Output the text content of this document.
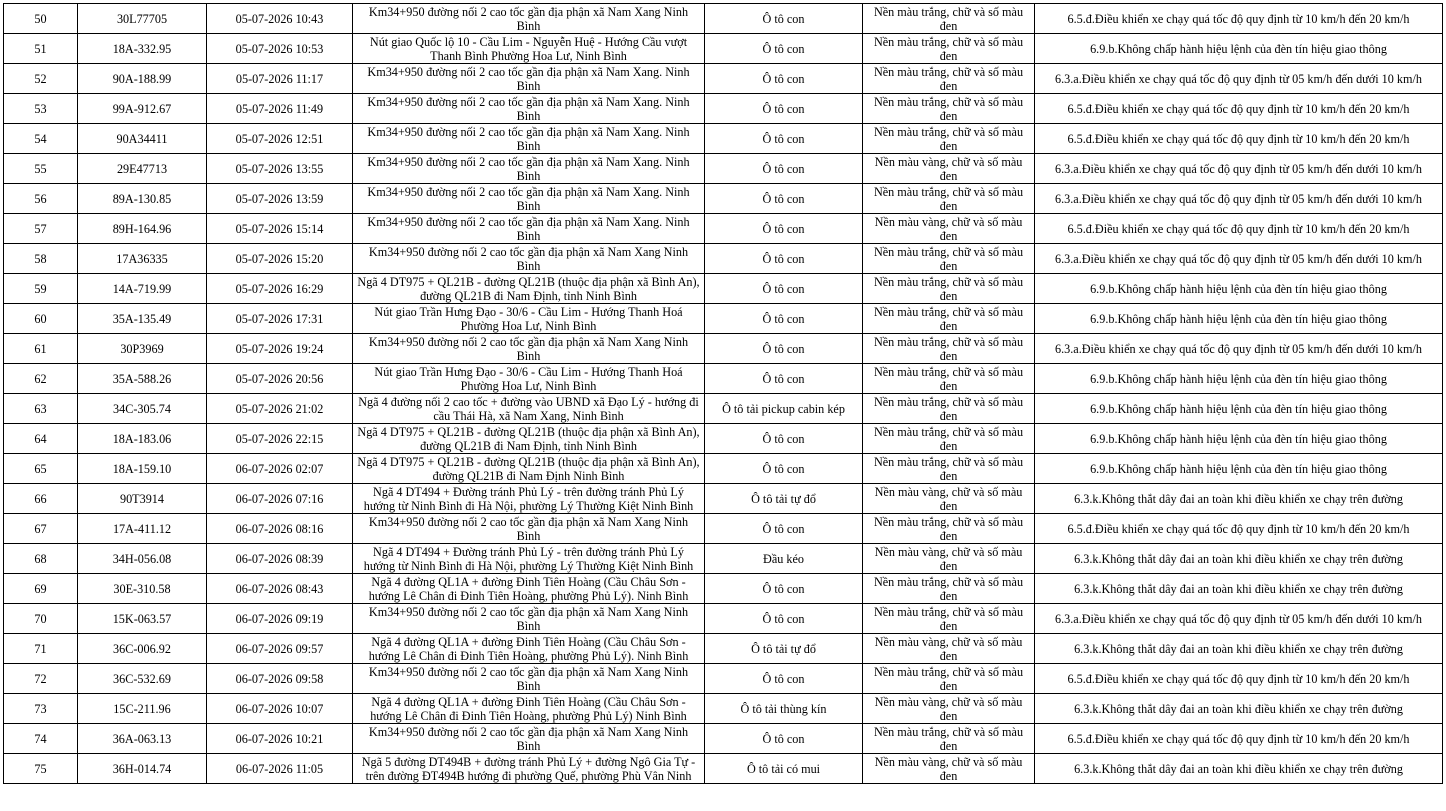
50	30L77705	05-07-2026 10:43	Km34+950 đường nối 2 cao tốc gần địa phận xã Nam Xang Ninh Bình	Ô tô con	Nền màu trắng, chữ và số màu đen	6.5.đ.Điều khiển xe chạy quá tốc độ quy định từ 10 km/h đến 20 km/h
51	18A-332.95	05-07-2026 10:53	Nút giao Quốc lộ 10 - Cầu Lim - Nguyễn Huệ - Hướng Cầu vượt Thanh Bình Phường Hoa Lư, Ninh Bình	Ô tô con	Nền màu trắng, chữ và số màu đen	6.9.b.Không chấp hành hiệu lệnh của đèn tín hiệu giao thông
52	90A-188.99	05-07-2026 11:17	Km34+950 đường nối 2 cao tốc gần địa phận xã Nam Xang. Ninh Bình	Ô tô con	Nền màu trắng, chữ và số màu đen	6.3.a.Điều khiển xe chạy quá tốc độ quy định từ 05 km/h đến dưới 10 km/h
53	99A-912.67	05-07-2026 11:49	Km34+950 đường nối 2 cao tốc gần địa phận xã Nam Xang. Ninh Bình	Ô tô con	Nền màu trắng, chữ và số màu đen	6.5.đ.Điều khiển xe chạy quá tốc độ quy định từ 10 km/h đến 20 km/h
54	90A34411	05-07-2026 12:51	Km34+950 đường nối 2 cao tốc gần địa phận xã Nam Xang. Ninh Bình	Ô tô con	Nền màu trắng, chữ và số màu đen	6.5.đ.Điều khiển xe chạy quá tốc độ quy định từ 10 km/h đến 20 km/h
55	29E47713	05-07-2026 13:55	Km34+950 đường nối 2 cao tốc gần địa phận xã Nam Xang. Ninh Bình	Ô tô con	Nền màu vàng, chữ và số màu đen	6.3.a.Điều khiển xe chạy quá tốc độ quy định từ 05 km/h đến dưới 10 km/h
56	89A-130.85	05-07-2026 13:59	Km34+950 đường nối 2 cao tốc gần địa phận xã Nam Xang. Ninh Bình	Ô tô con	Nền màu trắng, chữ và số màu đen	6.3.a.Điều khiển xe chạy quá tốc độ quy định từ 05 km/h đến dưới 10 km/h
57	89H-164.96	05-07-2026 15:14	Km34+950 đường nối 2 cao tốc gần địa phận xã Nam Xang. Ninh Bình	Ô tô con	Nền màu vàng, chữ và số màu đen	6.5.đ.Điều khiển xe chạy quá tốc độ quy định từ 10 km/h đến 20 km/h
58	17A36335	05-07-2026 15:20	Km34+950 đường nối 2 cao tốc gần địa phận xã Nam Xang Ninh Bình	Ô tô con	Nền màu trắng, chữ và số màu đen	6.3.a.Điều khiển xe chạy quá tốc độ quy định từ 05 km/h đến dưới 10 km/h
59	14A-719.99	05-07-2026 16:29	Ngã 4 DT975 + QL21B - đường QL21B (thuộc địa phận xã Bình An), đường QL21B đi Nam Định, tỉnh Ninh Bình	Ô tô con	Nền màu trắng, chữ và số màu đen	6.9.b.Không chấp hành hiệu lệnh của đèn tín hiệu giao thông
60	35A-135.49	05-07-2026 17:31	Nút giao Trần Hưng Đạo - 30/6 - Cầu Lim - Hướng Thanh Hoá Phường Hoa Lư, Ninh Bình	Ô tô con	Nền màu trắng, chữ và số màu đen	6.9.b.Không chấp hành hiệu lệnh của đèn tín hiệu giao thông
61	30P3969	05-07-2026 19:24	Km34+950 đường nối 2 cao tốc gần địa phận xã Nam Xang Ninh Bình	Ô tô con	Nền màu trắng, chữ và số màu đen	6.3.a.Điều khiển xe chạy quá tốc độ quy định từ 05 km/h đến dưới 10 km/h
62	35A-588.26	05-07-2026 20:56	Nút giao Trần Hưng Đạo - 30/6 - Cầu Lim - Hướng Thanh Hoá Phường Hoa Lư, Ninh Bình	Ô tô con	Nền màu trắng, chữ và số màu đen	6.9.b.Không chấp hành hiệu lệnh của đèn tín hiệu giao thông
63	34C-305.74	05-07-2026 21:02	Ngã 4 đường nối 2 cao tốc + đường vào UBND xã Đạo Lý - hướng đi cầu Thái Hà, xã Nam Xang, Ninh Bình	Ô tô tải pickup cabin kép	Nền màu trắng, chữ và số màu đen	6.9.b.Không chấp hành hiệu lệnh của đèn tín hiệu giao thông
64	18A-183.06	05-07-2026 22:15	Ngã 4 DT975 + QL21B - đường QL21B (thuộc địa phận xã Bình An), đường QL21B đi Nam Định, tỉnh Ninh Bình	Ô tô con	Nền màu trắng, chữ và số màu đen	6.9.b.Không chấp hành hiệu lệnh của đèn tín hiệu giao thông
65	18A-159.10	06-07-2026 02:07	Ngã 4 DT975 + QL21B - đường QL21B (thuộc địa phận xã Bình An), đường QL21B đi Nam Định Ninh Bình	Ô tô con	Nền màu trắng, chữ và số màu đen	6.9.b.Không chấp hành hiệu lệnh của đèn tín hiệu giao thông
66	90T3914	06-07-2026 07:16	Ngã 4 DT494 + Đường tránh Phủ Lý - trên đường tránh Phủ Lý hướng từ Ninh Bình đi Hà Nội, phường Lý Thường Kiệt Ninh Bình	Ô tô tải tự đổ	Nền màu vàng, chữ và số màu đen	6.3.k.Không thắt dây đai an toàn khi điều khiển xe chạy trên đường
67	17A-411.12	06-07-2026 08:16	Km34+950 đường nối 2 cao tốc gần địa phận xã Nam Xang Ninh Bình	Ô tô con	Nền màu trắng, chữ và số màu đen	6.5.đ.Điều khiển xe chạy quá tốc độ quy định từ 10 km/h đến 20 km/h
68	34H-056.08	06-07-2026 08:39	Ngã 4 DT494 + Đường tránh Phủ Lý - trên đường tránh Phủ Lý hướng từ Ninh Bình đi Hà Nội, phường Lý Thường Kiệt Ninh Bình	Đầu kéo	Nền màu vàng, chữ và số màu đen	6.3.k.Không thắt dây đai an toàn khi điều khiển xe chạy trên đường
69	30E-310.58	06-07-2026 08:43	Ngã 4 đường QL1A + đường Đinh Tiên Hoàng (Cầu Châu Sơn - hướng Lê Chân đi Đinh Tiên Hoàng, phường Phủ Lý). Ninh Bình	Ô tô con	Nền màu trắng, chữ và số màu đen	6.3.k.Không thắt dây đai an toàn khi điều khiển xe chạy trên đường
70	15K-063.57	06-07-2026 09:19	Km34+950 đường nối 2 cao tốc gần địa phận xã Nam Xang Ninh Bình	Ô tô con	Nền màu trắng, chữ và số màu đen	6.3.a.Điều khiển xe chạy quá tốc độ quy định từ 05 km/h đến dưới 10 km/h
71	36C-006.92	06-07-2026 09:57	Ngã 4 đường QL1A + đường Đinh Tiên Hoàng (Cầu Châu Sơn - hướng Lê Chân đi Đinh Tiên Hoàng, phường Phủ Lý). Ninh Bình	Ô tô tải tự đổ	Nền màu vàng, chữ và số màu đen	6.3.k.Không thắt dây đai an toàn khi điều khiển xe chạy trên đường
72	36C-532.69	06-07-2026 09:58	Km34+950 đường nối 2 cao tốc gần địa phận xã Nam Xang Ninh Bình	Ô tô con	Nền màu trắng, chữ và số màu đen	6.5.đ.Điều khiển xe chạy quá tốc độ quy định từ 10 km/h đến 20 km/h
73	15C-211.96	06-07-2026 10:07	Ngã 4 đường QL1A + đường Đinh Tiên Hoàng (Cầu Châu Sơn - hướng Lê Chân đi Đinh Tiên Hoàng, phường Phủ Lý) Ninh Bình	Ô tô tải thùng kín	Nền màu vàng, chữ và số màu đen	6.3.k.Không thắt dây đai an toàn khi điều khiển xe chạy trên đường
74	36A-063.13	06-07-2026 10:21	Km34+950 đường nối 2 cao tốc gần địa phận xã Nam Xang Ninh Bình	Ô tô con	Nền màu trắng, chữ và số màu đen	6.5.đ.Điều khiển xe chạy quá tốc độ quy định từ 10 km/h đến 20 km/h
75	36H-014.74	06-07-2026 11:05	Ngã 5 đường DT494B + đường tránh Phủ Lý + đường Ngô Gia Tự - trên đường ĐT494B hướng đi phường Quế, phường Phù Vân Ninh	Ô tô tải có mui	Nền màu vàng, chữ và số màu đen	6.3.k.Không thắt dây đai an toàn khi điều khiển xe chạy trên đường
